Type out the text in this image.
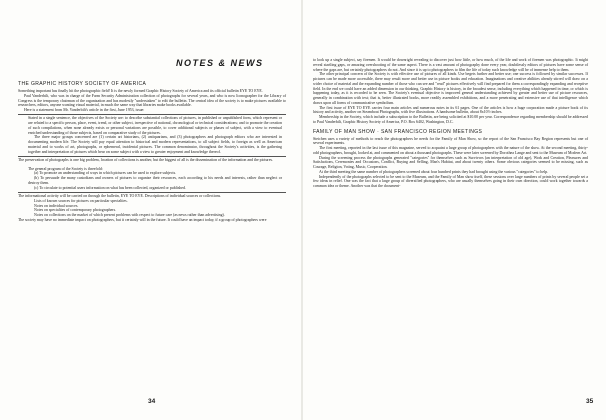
THE GRAPHIC HISTORY SOCIETY OF AMERICA

Something important has finally hit the photographic field! It is the newly formed Graphic History Society of America and its official bulletin EYE TO EYE.

Paul Vanderbilt, who was in charge of the Farm Security Administration collection of photographs for several years, and who is now Iconographer for the Library of Congress is the temporary chairman of the organization and has modestly "understaken" to edit the bulletin. The central idea of the society is to make pictures available to researchers, editors, anyone wanting visual material, in much the same way that libraries make books available.

Here is a statement from Mr. Vanderbilt's article in the first, June 1953, issue:

Stated in a single sentence, the objectives of the Society are: to describe substantial collections of pictures, in published or unpublished form, which represent or are related to a specific person, place, event, trend, or other subject, irrespective of national, chronological or technical considerations; and to promote the creation of such compilations, when none already exists or personal variations are possible, to cover additional subjects or phases of subject, with a view to eventual enriched understanding of those subjects, based on comparative study of the pictures.

The three major groups concerned are (1) certain art historians, (2) antiquarians, and (3) photographers and photograph editors who are interested in documenting modern life. The Society will pay equal attention to historical and modern representations, to all subject fields, to foreign as well as American material and to works of art, photographs, or ephemeral, incidental pictures. The common denominator, throughout the Society's activities, is the gathering together and interpretation of pictures which bear on some subject with a view to greater enjoyment and knowledge thereof.

The preservation of photographs is one big problem, location of collections is another, but the biggest of all is the dissemination of the information and the pictures.

The general program of the Society is threefold:

(a) To promote an understanding of ways in which pictures can be used to explore subjects.

(b) To persuade the many custodians and owners of pictures to organize their resources, each according to his needs and interests, rather than neglect or destroy them.

(c) To circulate to potential users information on what has been collected, organized or published.

The informational activity will be carried on through the bulletin, EYE TO EYE. Descriptions of individual sources or collections.

Lists of known sources for pictures on particular specialties.

Notes on individual sources.

Notes on specialties of contemporary photographers.

Notes on collections on the market of which present problems with respect to future care (as news rather than advertising).

The society may have no immediate impact on photographers, but it certainly will in the future. It could have an impact today, if a group of photographers were

34
NOTES & NEWS	to look up a single subject, say firemen. It would be downright revealing to discover just how little, or how much, of the life and work of firemen was photographic. It might reveal startling gaps, or amazing overshooting of the same aspect. There is a vast amount of photography done every year, doubtlessly editors of pictures have some sense of where the gaps are, but certainly photographers do not. And since it is up to photographers to film the life of today such knowledge will be of immense help to them.

The other principal concern of the Society is with effective use of pictures of all kinds. Use begets further and better use; one success is followed by similar successes. If pictures can be made more accessible, there may result more and better use in picture books and education. Imaginations and creative abilities already stirred will draw on a wider choice of material and the expanding number of those who can see and "read" pictures effectively will find prepared for them a correspondingly expanding and receptive field. In the end we could have an added dimension in our thinking. Graphic History is history, in the broadest sense, including everything which happened in time, or which is happening today, as it is recorded to be seen. The Society's eventual objective is improved general understanding achieved by greater and better use of picture resources, generally in combination with text; that is, better illustrated books, more readily assembled exhibitions, and a more penetrating and extensive use of that intelligence which draws upon all forms of communicative symbolism.

The first issue of EYE TO EYE carries four main articles and numerous notes in its 61 pages. One of the articles is how a huge corporation made a picture book of its history and activity, another on Steamboat Photographs, with five illustrations. A handsome bulletin, about 8x10½ inches.

Membership in the Society, which include a subscription to the Bulletin, are being solicited at $10.00 per year. Correspondence regarding membership should be addressed to Paul Vanderbilt, Graphic History Society of America, P.O. Box 6402, Washington, D.C.

FAMILY OF MAN SHOW · SAN FRANCISCO REGION MEETINGS

Steichen uses a variety of methods to reach the photographers he needs for the Family of Man Show, so the report of the San Francisco Bay Region represents but one of several experiments.

The first meeting, reported in the last issue of this magazine, served to acquaint a large group of photographers with the nature of the show. At the second meeting, thirty-odd photographers, brought, looked at, and commented on about a thousand photographs. These were later screened by Dorothea Lange and sent to the Museum of Modern Art.

During the screening process the photographs generated "categories" for themselves such as Survivors (an interpretation of old age), Work and Creation, Pleasures and Satisfactions, Ceremonies and Occasions, Conflict, Buying and Selling, Man's Habitat, and about twenty others. Some obvious categories seemed to be missing, such as Courage, Religion, Voting, Music, Cooperation.

At the third meeting the same number of photographers screened about four hundred prints they had brought using the various "categories" to help.

Independently of the photographs selected to be sent to the Museum, and the Family of Man show itself, these sessions over large numbers of prints by several people set a few ideas in relief. One was the fact that a large group of diversified photographers, who are usually themselves going in their own direction, could work together towards a common idea or theme. Another was that the document-

35
